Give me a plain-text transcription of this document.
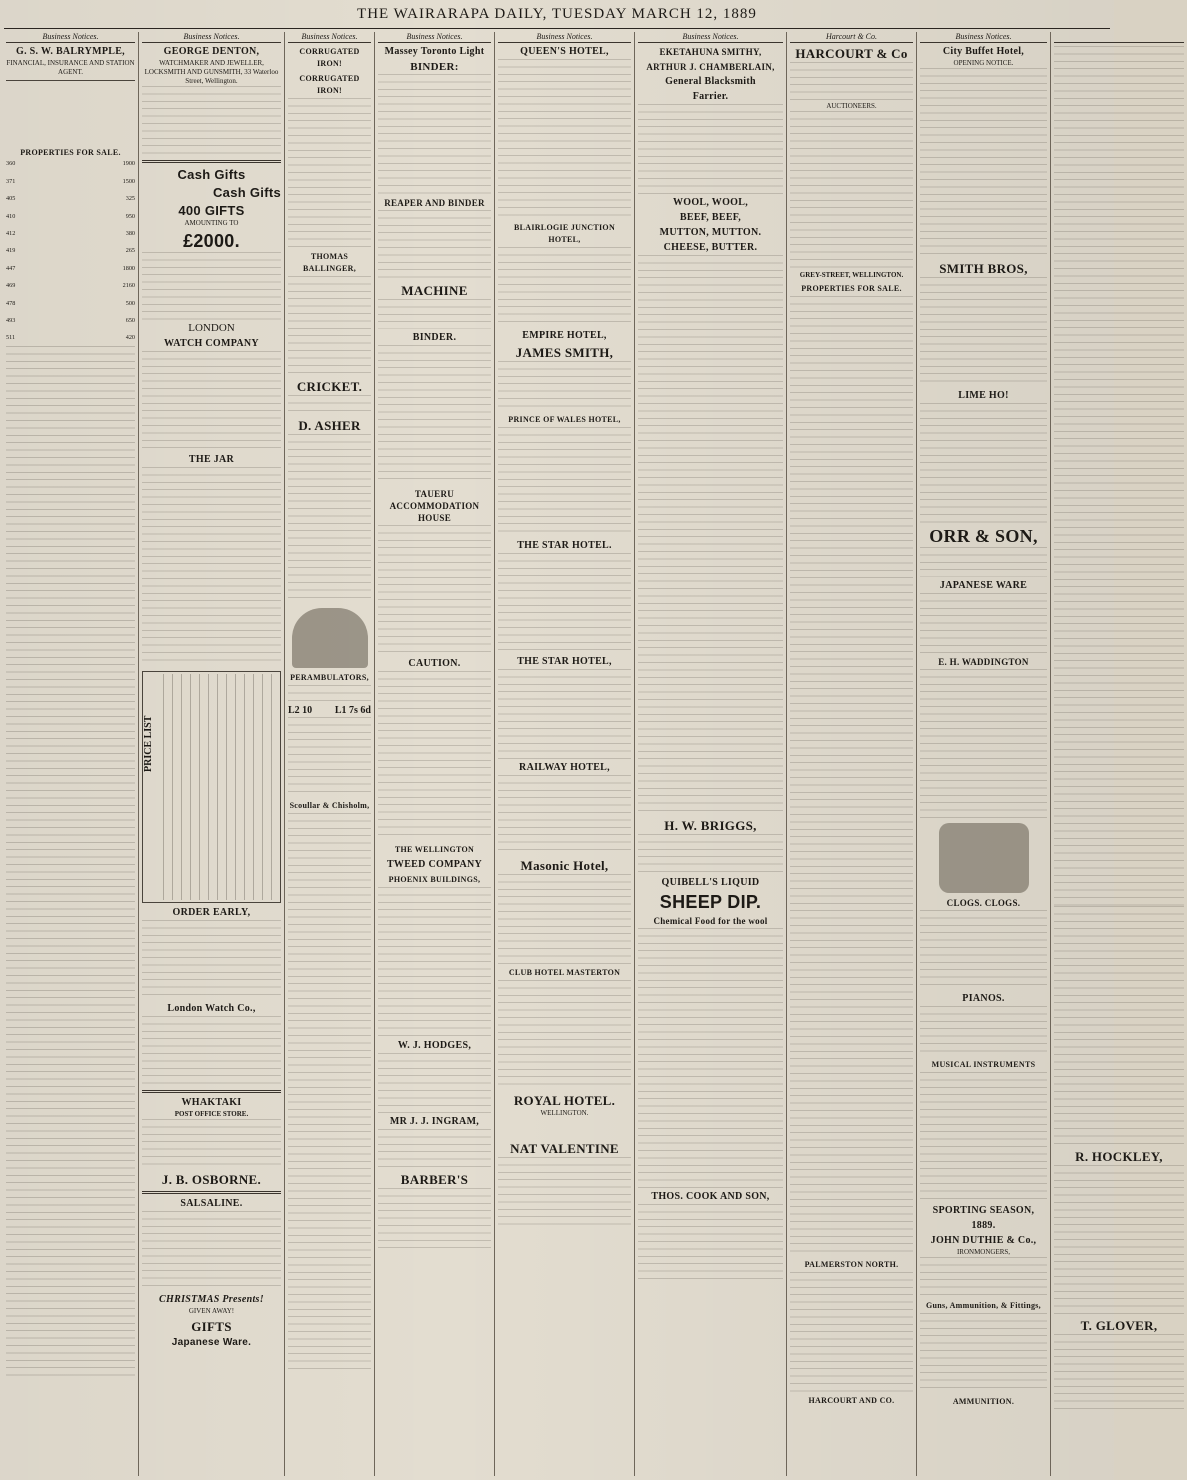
THE WAIRARAPA DAILY, TUESDAY MARCH 12, 1889
Business Notices.
G. S. W. BALRYMPLE,
FINANCIAL, INSURANCE AND STATION AGENT.
PROPERTIES FOR SALE.
360	1900
371	1500
405	325
410	950
412	380
419	265
447	1800
469	2160
478	500
493	650
511	420
Business Notices.
GEORGE DENTON,
WATCHMAKER AND JEWELLER, LOCKSMITH AND GUNSMITH, 33 Waterloo Street, Wellington.
Cash Gifts
Cash Gifts
400 GIFTS
AMOUNTING TO
£2000.
LONDON
WATCH COMPANY
THE JAR
PRICE LIST
ORDER EARLY,
London Watch Co.,
WHAKTAKI
POST OFFICE STORE.
J. B. OSBORNE.
SALSALINE.
CHRISTMAS Presents!
GIVEN AWAY!
GIFTS
Japanese Ware.
Business Notices.
CORRUGATED IRON!
CORRUGATED IRON!
THOMAS BALLINGER,
CRICKET.
D. ASHER
PERAMBULATORS,
L2 10 L1 7s 6d
Scoullar & Chisholm,
Business Notices.
Massey Toronto Light
BINDER:
REAPER AND BINDER
MACHINE
BINDER.
TAUERU ACCOMMODATION HOUSE
CAUTION.
THE WELLINGTON
TWEED COMPANY
PHOENIX BUILDINGS,
W. J. HODGES,
MR J. J. INGRAM,
BARBER'S
Business Notices.
QUEEN'S HOTEL,
BLAIRLOGIE JUNCTION HOTEL,
EMPIRE HOTEL,
JAMES SMITH,
PRINCE OF WALES HOTEL,
THE STAR HOTEL.
THE STAR HOTEL,
RAILWAY HOTEL,
Masonic Hotel,
CLUB HOTEL MASTERTON
ROYAL HOTEL.
WELLINGTON.
NAT VALENTINE
Business Notices.
EKETAHUNA SMITHY,
ARTHUR J. CHAMBERLAIN,
General Blacksmith
Farrier.
WOOL, WOOL,
BEEF, BEEF,
MUTTON, MUTTON.
CHEESE, BUTTER.
H. W. BRIGGS,
QUIBELL'S LIQUID
SHEEP DIP.
Chemical Food for the wool
THOS. COOK AND SON,
Harcourt & Co.
HARCOURT & Co
AUCTIONEERS.
GREY-STREET, WELLINGTON.
PROPERTIES FOR SALE.
PALMERSTON NORTH.
HARCOURT AND CO.
Business Notices.
City Buffet Hotel,
OPENING NOTICE.
SMITH BROS,
LIME HO!
ORR & SON,
JAPANESE WARE
E. H. WADDINGTON
CLOGS. CLOGS.
PIANOS.
MUSICAL INSTRUMENTS
SPORTING SEASON,
1889.
JOHN DUTHIE & Co.,
IRONMONGERS,
Guns, Ammunition, & Fittings,
AMMUNITION.

R. HOCKLEY,
T. GLOVER,
